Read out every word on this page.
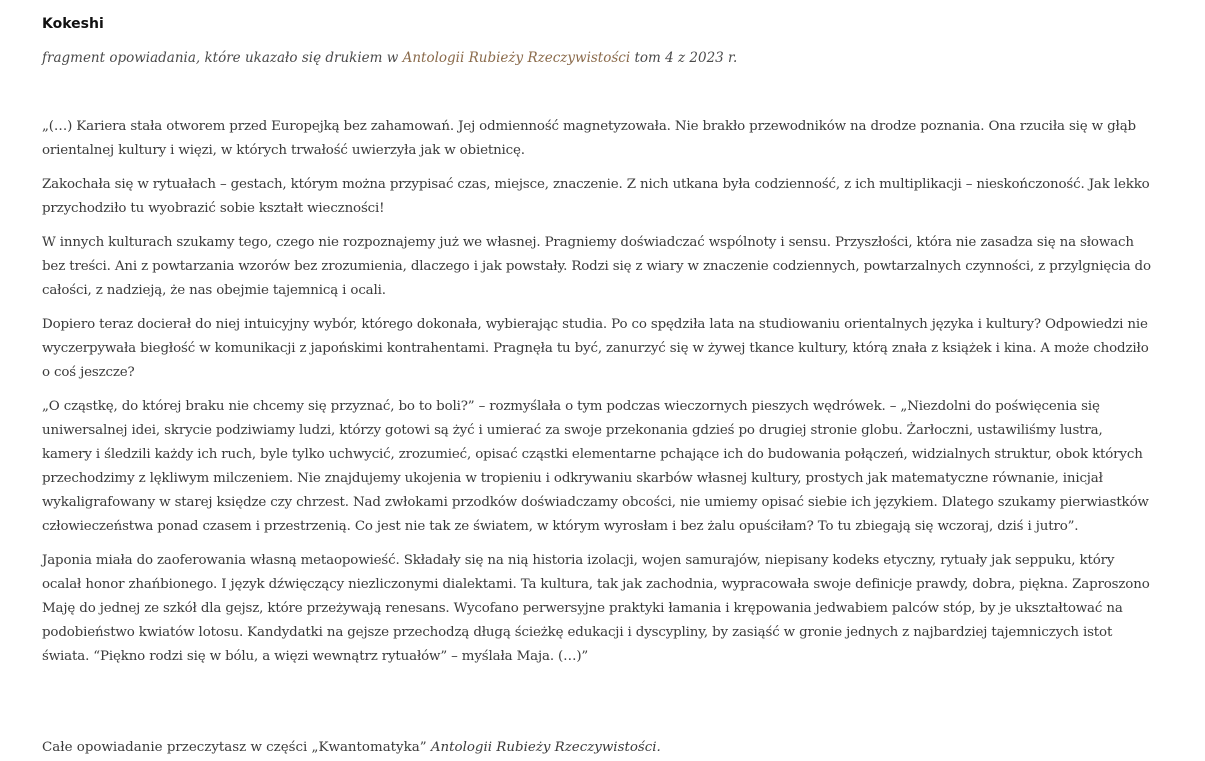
Kokeshi

fragment opowiadania, które ukazało się drukiem w Antologii Rubieży Rzeczywistości tom 4 z 2023 r.

„(…) Kariera stała otworem przed Europejką bez zahamowań. Jej odmienność magnetyzowała. Nie brakło przewodników na drodze poznania. Ona rzuciła się w głąb orientalnej kultury i więzi, w których trwałość uwierzyła jak w obietnicę.

Zakochała się w rytuałach – gestach, którym można przypisać czas, miejsce, znaczenie. Z nich utkana była codzienność, z ich multiplikacji – nieskończoność. Jak lekko przychodziło tu wyobrazić sobie kształt wieczności!

W innych kulturach szukamy tego, czego nie rozpoznajemy już we własnej. Pragniemy doświadczać wspólnoty i sensu. Przyszłości, która nie zasadza się na słowach bez treści. Ani z powtarzania wzorów bez zrozumienia, dlaczego i jak powstały. Rodzi się z wiary w znaczenie codziennych, powtarzalnych czynności, z przylgnięcia do całości, z nadzieją, że nas obejmie tajemnicą i ocali.

Dopiero teraz docierał do niej intuicyjny wybór, którego dokonała, wybierając studia. Po co spędziła lata na studiowaniu orientalnych języka i kultury? Odpowiedzi nie wyczerpywała biegłość w komunikacji z japońskimi kontrahentami. Pragnęła tu być, zanurzyć się w żywej tkance kultury, którą znała z książek i kina. A może chodziło o coś jeszcze?

„O cząstkę, do której braku nie chcemy się przyznać, bo to boli?” – rozmyślała o tym podczas wieczornych pieszych wędrówek. – „Niezdolni do poświęcenia się uniwersalnej idei, skrycie podziwiamy ludzi, którzy gotowi są żyć i umierać za swoje przekonania gdzieś po drugiej stronie globu. Żarłoczni, ustawiliśmy lustra, kamery i śledzili każdy ich ruch, byle tylko uchwycić, zrozumieć, opisać cząstki elementarne pchające ich do budowania połączeń, widzialnych struktur, obok których przechodzimy z lękliwym milczeniem. Nie znajdujemy ukojenia w tropieniu i odkrywaniu skarbów własnej kultury, prostych jak matematyczne równanie, inicjał wykaligrafowany w starej księdze czy chrzest. Nad zwłokami przodków doświadczamy obcości, nie umiemy opisać siebie ich językiem. Dlatego szukamy pierwiastków człowieczeństwa ponad czasem i przestrzenią. Co jest nie tak ze światem, w którym wyrosłam i bez żalu opuściłam? To tu zbiegają się wczoraj, dziś i jutro”.

Japonia miała do zaoferowania własną metaopowieść. Składały się na nią historia izolacji, wojen samurajów, niepisany kodeks etyczny, rytuały jak seppuku, który ocalał honor zhańbionego. I język dźwięczący niezliczonymi dialektami. Ta kultura, tak jak zachodnia, wypracowała swoje definicje prawdy, dobra, piękna. Zaproszono Maję do jednej ze szkół dla gejsz, które przeżywają renesans. Wycofano perwersyjne praktyki łamania i krępowania jedwabiem palców stóp, by je ukształtować na podobieństwo kwiatów lotosu. Kandydatki na gejsze przechodzą długą ścieżkę edukacji i dyscypliny, by zasiąść w gronie jednych z najbardziej tajemniczych istot świata. “Piękno rodzi się w bólu, a więzi wewnątrz rytuałów” – myślała Maja. (…)”

Całe opowiadanie przeczytasz w części „Kwantomatyka” Antologii Rubieży Rzeczywistości.
